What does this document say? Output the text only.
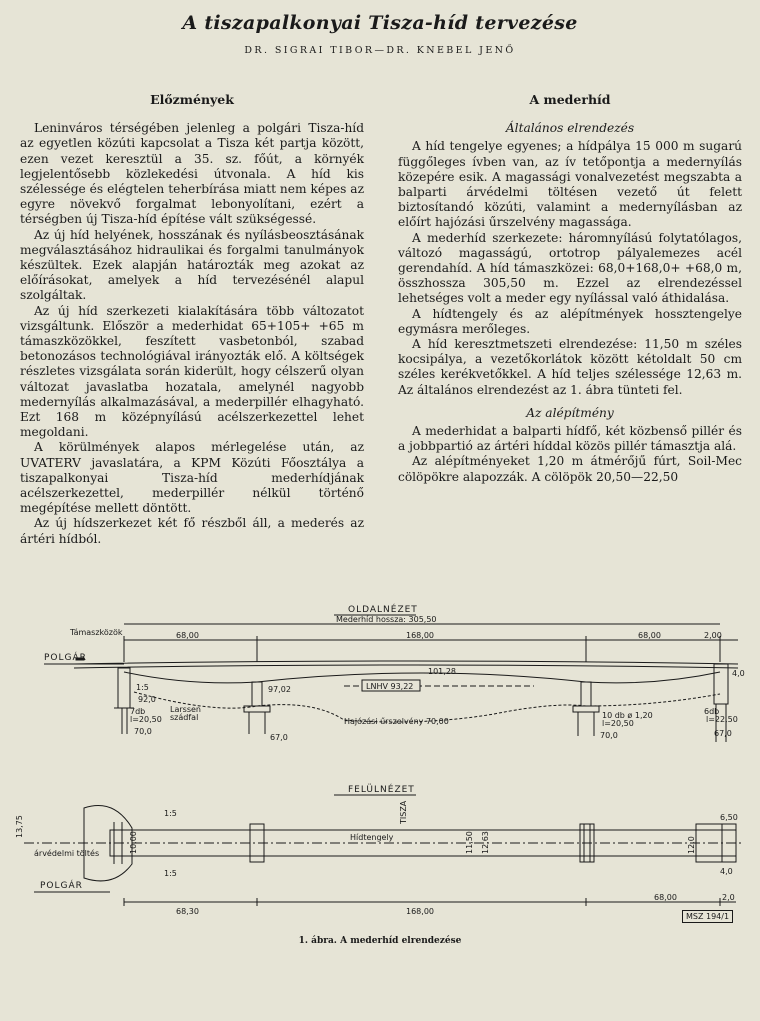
A tiszapalkonyai Tisza-híd tervezése
DR. SIGRAI TIBOR—DR. KNEBEL JENŐ
Előzmények

Leninváros térségében jelenleg a polgári Tisza-híd az egyetlen közúti kapcsolat a Tisza két partja között, ezen vezet keresztül a 35. sz. főút, a környék legjelentősebb közlekedési útvonala. A híd kis szélessége és elégtelen teherbírása miatt nem képes az egyre növekvő forgalmat lebonyolítani, ezért a térségben új Tisza-híd építése vált szükségessé.

Az új híd helyének, hosszának és nyílásbeosztásának megválasztásához hidraulikai és forgalmi tanulmányok készültek. Ezek alapján határozták meg azokat az előírásokat, amelyek a híd tervezésénél alapul szolgáltak.

Az új híd szerkezeti kialakítására több változatot vizsgáltunk. Először a mederhidat 65+105+ +65 m támaszközökkel, feszített vasbetonból, szabad betonozásos technológiával irányozták elő. A költségek részletes vizsgálata során kiderült, hogy célszerű olyan változat javaslatba hozatala, amelynél nagyobb medernyílás alkalmazásával, a mederpillér elhagyható. Ezt 168 m középnyílású acélszerkezettel lehet megoldani.

A körülmények alapos mérlegelése után, az UVATERV javaslatára, a KPM Közúti Főosztálya a tiszapalkonyai Tisza-híd mederhídjának acélszerkezettel, mederpillér nélkül történő megépítése mellett döntött.

Az új hídszerkezet két fő részből áll, a mederés az ártéri hídból.

A mederhíd
Általános elrendezés

A híd tengelye egyenes; a hídpálya 15 000 m sugarú függőleges ívben van, az ív tetőpontja a medernyílás közepére esik. A magassági vonalvezetést megszabta a balparti árvédelmi töltésen vezető út felett biztosítandó közúti, valamint a medernyílásban az előírt hajózási űrszelvény magassága.

A mederhíd szerkezete: háromnyílású folytatólagos, változó magasságú, ortotrop pályalemezes acél gerendahíd. A híd támaszközei: 68,0+168,0+ +68,0 m, összhossza 305,50 m. Ezzel az elrendezéssel lehetséges volt a meder egy nyílással való áthidalása.

A hídtengely és az alépítmények hossztengelye egymásra merőleges.

A híd keresztmetszeti elrendezése: 11,50 m széles kocsipálya, a vezetőkorlátok között kétoldalt 50 cm széles kerékvetőkkel. A híd teljes szélessége 12,63 m. Az általános elrendezést az 1. ábra tünteti fel.

Az alépítmény

A mederhidat a balparti hídfő, két közbenső pillér és a jobbpartió az ártéri híddal közös pillér támasztja alá.

Az alépítményeket 1,20 m átmérőjű fúrt, Soil-Mec cölöpökre alapozzák. A cölöpök 20,50—22,50

OLDALNÉZET
Mederhíd hossza: 305,50
Támaszközök	68,00	168,00	68,00	2,00
POLGÁR
101,28
1:5
92,0
7db
l=20,50
Larssen
szádfal
70,0
97,02
67,0
LNHV 93,22
Hajózási űrszelvény 70,00
10 db ø 1,20
l=20,50
70,0
4,0
6db
l=22,50
67,0
FELÜLNÉZET
TISZA
Hídtengely
13,75
10,00
árvédelmi töltés
POLGÁR
1:5
1:5
11,50 12,63	12,0
6,50
4,0
68,30	168,00
68,00	2,0
MSZ 194/1
1. ábra. A mederhíd elrendezése
